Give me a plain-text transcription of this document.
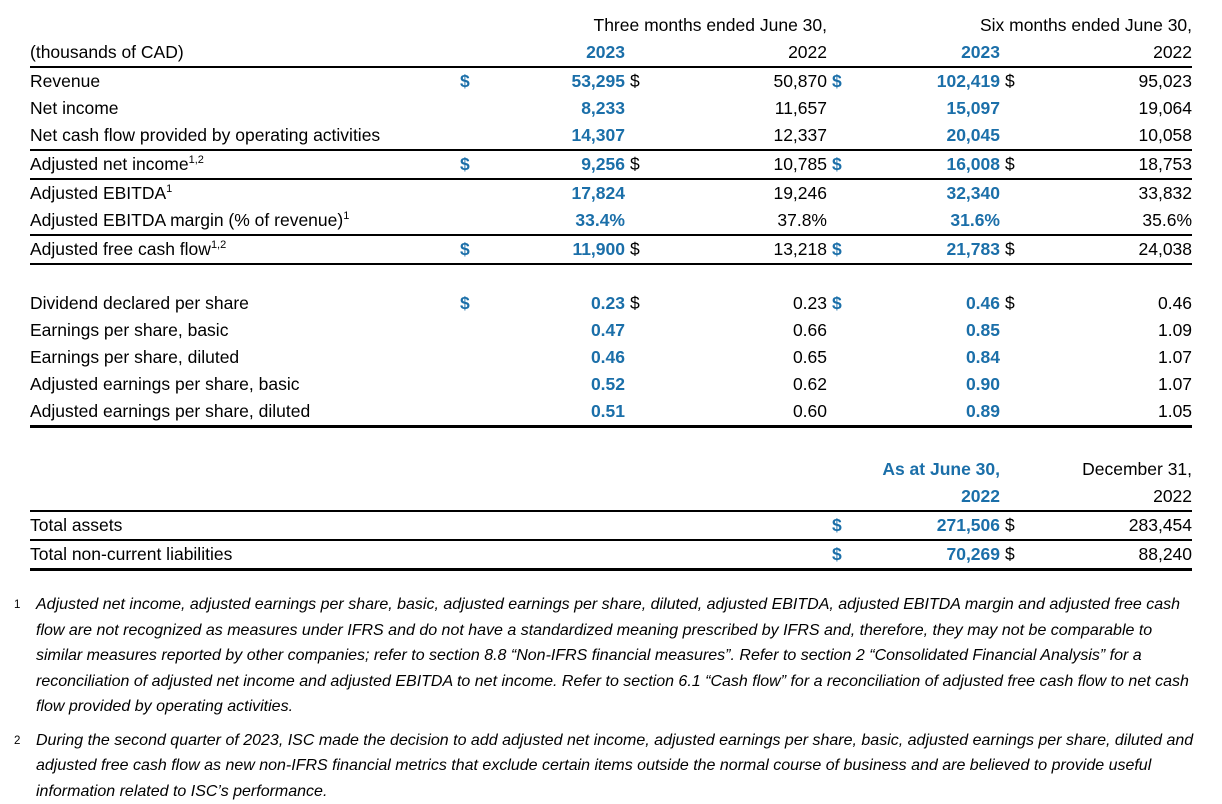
	Three months ended June 30,				Six months ended June 30,			
(thousands of CAD)	2023		2022		2023		2022	
Revenue	$	53,295	$	50,870	$	102,419	$	95,023
Net income		8,233		11,657		15,097		19,064
Net cash flow provided by operating activities		14,307		12,337		20,045		10,058
Adjusted net income$^{1,2}$	$	9,256	$	10,785	$	16,008	$	18,753
Adjusted EBITDA$^1$		17,824		19,246		32,340		33,832
Adjusted EBITDA margin (% of revenue)$^1$		33.4%		37.8%		31.6%		35.6%
Adjusted free cash flow$^{1,2}$	$	11,900	$	13,218	$	21,783	$	24,038

Dividend declared per share	$	0.23	$	0.23	$	0.46	$	0.46
Earnings per share, basic		0.47		0.66		0.85		1.09
Earnings per share, diluted		0.46		0.65		0.84		1.07
Adjusted earnings per share, basic		0.52		0.62		0.90		1.07
Adjusted earnings per share, diluted		0.51		0.60		0.89		1.05
	As at June 30,		December 31,	
	2022		2022	
Total assets	$	271,506	$	283,454
Total non-current liabilities	$	70,269	$	88,240
1 Adjusted net income, adjusted earnings per share, basic, adjusted earnings per share, diluted, adjusted EBITDA, adjusted EBITDA margin and adjusted free cash flow are not recognized as measures under IFRS and do not have a standardized meaning prescribed by IFRS and, therefore, they may not be comparable to similar measures reported by other companies; refer to section 8.8 “Non-IFRS financial measures”. Refer to section 2 “Consolidated Financial Analysis” for a reconciliation of adjusted net income and adjusted EBITDA to net income. Refer to section 6.1 “Cash flow” for a reconciliation of adjusted free cash flow to net cash flow provided by operating activities.
2 During the second quarter of 2023, ISC made the decision to add adjusted net income, adjusted earnings per share, basic, adjusted earnings per share, diluted and adjusted free cash flow as new non-IFRS financial metrics that exclude certain items outside the normal course of business and are believed to provide useful information related to ISC’s performance.
